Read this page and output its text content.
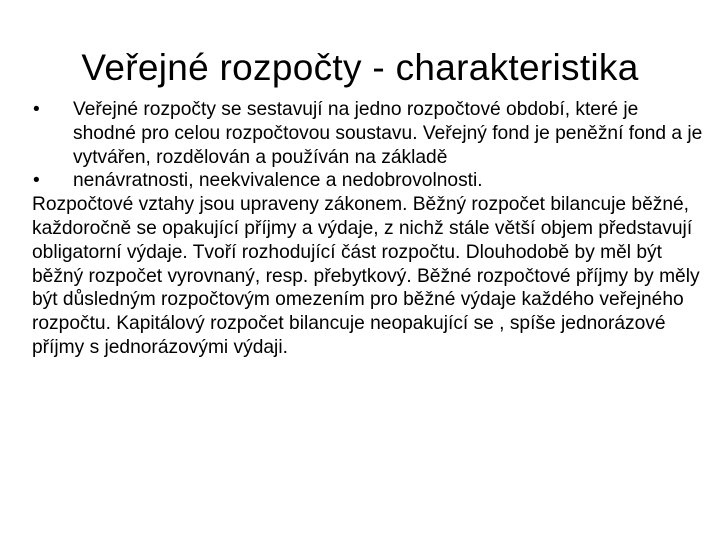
Veřejné rozpočty - charakteristika
•	Veřejné rozpočty se sestavují na jedno rozpočtové období, které je shodné pro celou rozpočtovou soustavu. Veřejný fond je peněžní fond a je vytvářen, rozdělován a používán na základě
•	nenávratnosti, neekvivalence a nedobrovolnosti.

Rozpočtové vztahy jsou upraveny zákonem. Běžný rozpočet bilancuje běžné, každoročně se opakující příjmy a výdaje, z nichž stále větší objem představují obligatorní výdaje. Tvoří rozhodující část rozpočtu. Dlouhodobě by měl být běžný rozpočet vyrovnaný, resp. přebytkový. Běžné rozpočtové příjmy by měly být důsledným rozpočtovým omezením pro běžné výdaje každého veřejného rozpočtu. Kapitálový rozpočet bilancuje neopakující se , spíše jednorázové příjmy s jednorázovými výdaji.
